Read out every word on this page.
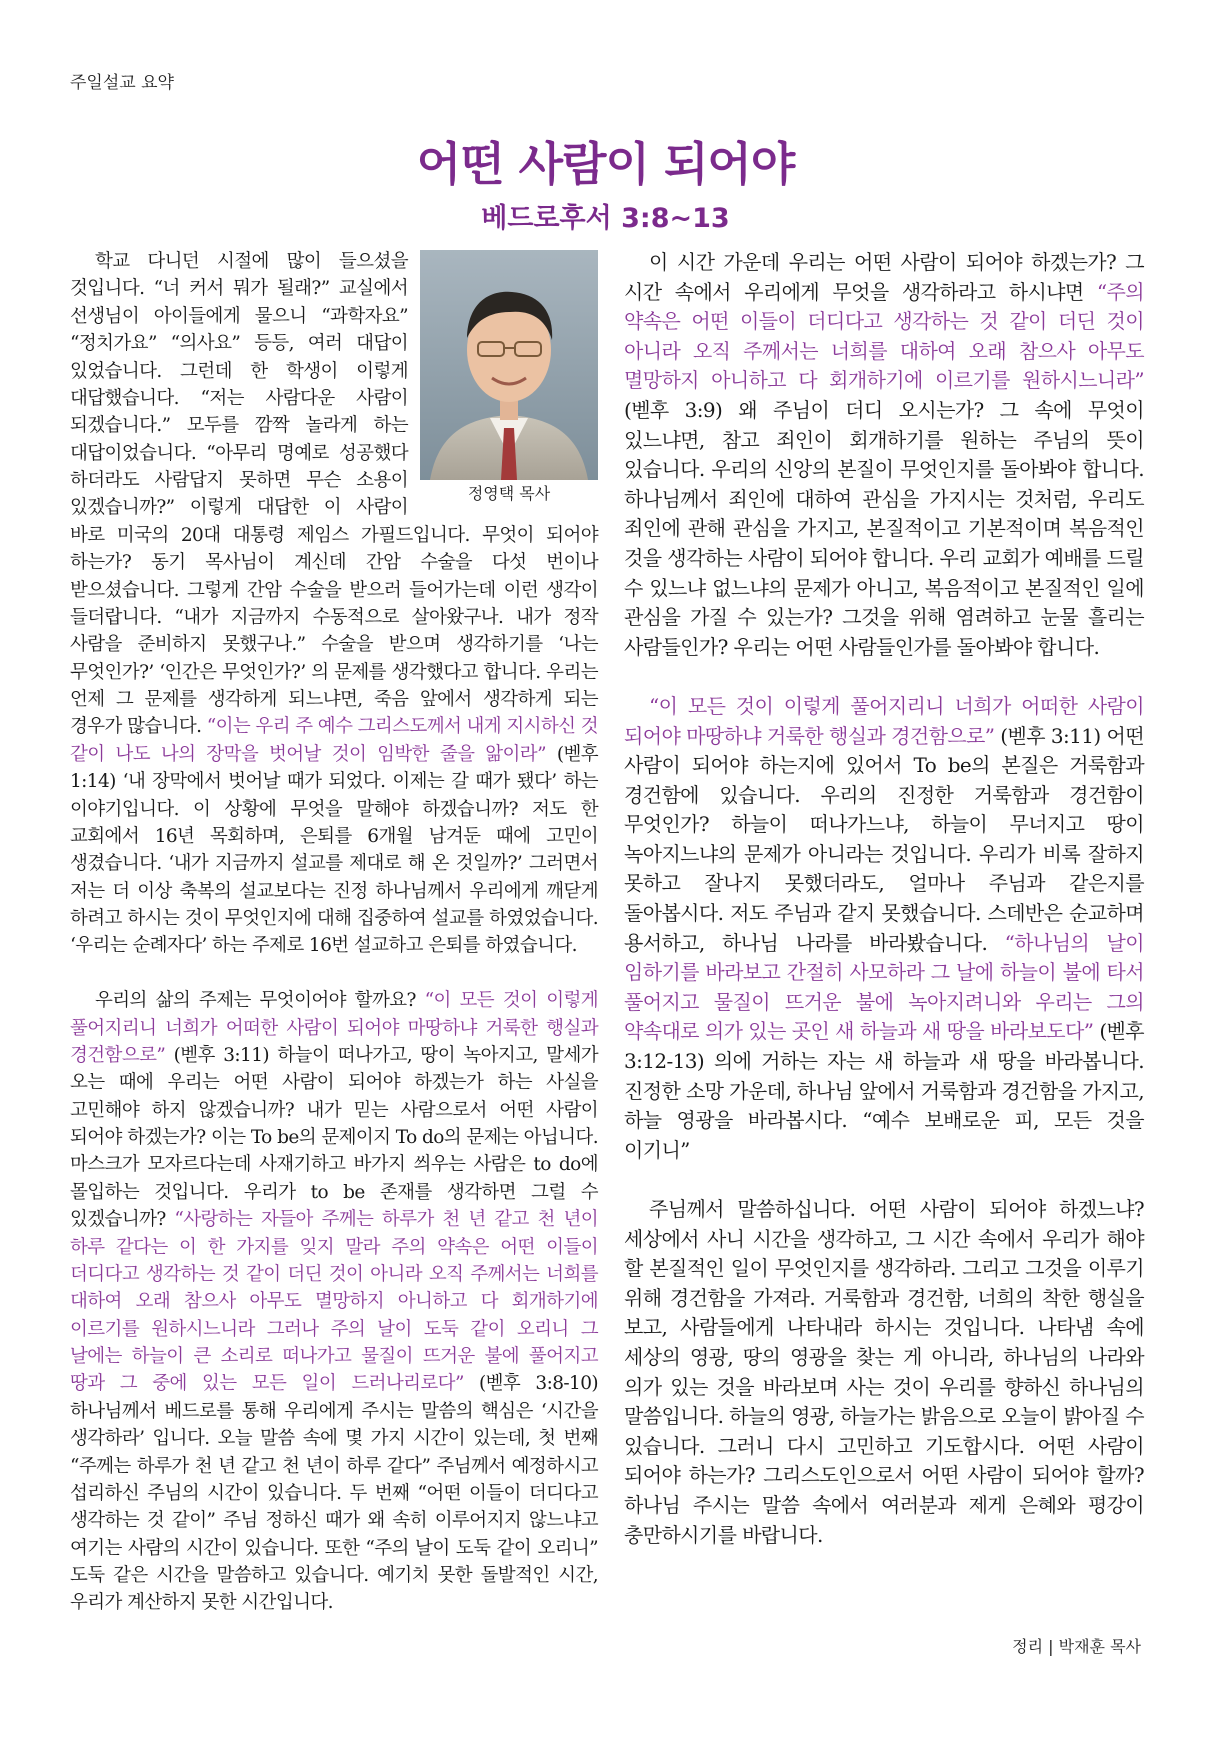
주일설교 요약
어떤 사람이 되어야
베드로후서 3:8~13
정영택 목사

학교 다니던 시절에 많이 들으셨을 것입니다. “너 커서 뭐가 될래?” 교실에서 선생님이 아이들에게 물으니 “과학자요” “정치가요” “의사요” 등등, 여러 대답이 있었습니다. 그런데 한 학생이 이렇게 대답했습니다. “저는 사람다운 사람이 되겠습니다.” 모두를 깜짝 놀라게 하는 대답이었습니다. “아무리 명예로 성공했다 하더라도 사람답지 못하면 무슨 소용이 있겠습니까?” 이렇게 대답한 이 사람이 바로 미국의 20대 대통령 제임스 가필드입니다. 무엇이 되어야 하는가? 동기 목사님이 계신데 간암 수술을 다섯 번이나 받으셨습니다. 그렇게 간암 수술을 받으러 들어가는데 이런 생각이 들더랍니다. “내가 지금까지 수동적으로 살아왔구나. 내가 정작 사람을 준비하지 못했구나.” 수술을 받으며 생각하기를 ‘나는 무엇인가?’ ‘인간은 무엇인가?’ 의 문제를 생각했다고 합니다. 우리는 언제 그 문제를 생각하게 되느냐면, 죽음 앞에서 생각하게 되는 경우가 많습니다. “이는 우리 주 예수 그리스도께서 내게 지시하신 것 같이 나도 나의 장막을 벗어날 것이 임박한 줄을 앎이라” (벧후 1:14) ‘내 장막에서 벗어날 때가 되었다. 이제는 갈 때가 됐다’ 하는 이야기입니다. 이 상황에 무엇을 말해야 하겠습니까? 저도 한 교회에서 16년 목회하며, 은퇴를 6개월 남겨둔 때에 고민이 생겼습니다. ‘내가 지금까지 설교를 제대로 해 온 것일까?’ 그러면서 저는 더 이상 축복의 설교보다는 진정 하나님께서 우리에게 깨닫게 하려고 하시는 것이 무엇인지에 대해 집중하여 설교를 하였었습니다. ‘우리는 순례자다’ 하는 주제로 16번 설교하고 은퇴를 하였습니다.

우리의 삶의 주제는 무엇이어야 할까요? “이 모든 것이 이렇게 풀어지리니 너희가 어떠한 사람이 되어야 마땅하냐 거룩한 행실과 경건함으로” (벧후 3:11) 하늘이 떠나가고, 땅이 녹아지고, 말세가 오는 때에 우리는 어떤 사람이 되어야 하겠는가 하는 사실을 고민해야 하지 않겠습니까? 내가 믿는 사람으로서 어떤 사람이 되어야 하겠는가? 이는 To be의 문제이지 To do의 문제는 아닙니다. 마스크가 모자르다는데 사재기하고 바가지 씌우는 사람은 to do에 몰입하는 것입니다. 우리가 to be 존재를 생각하면 그럴 수 있겠습니까? “사랑하는 자들아 주께는 하루가 천 년 같고 천 년이 하루 같다는 이 한 가지를 잊지 말라 주의 약속은 어떤 이들이 더디다고 생각하는 것 같이 더딘 것이 아니라 오직 주께서는 너희를 대하여 오래 참으사 아무도 멸망하지 아니하고 다 회개하기에 이르기를 원하시느니라 그러나 주의 날이 도둑 같이 오리니 그 날에는 하늘이 큰 소리로 떠나가고 물질이 뜨거운 불에 풀어지고 땅과 그 중에 있는 모든 일이 드러나리로다” (벧후 3:8-10) 하나님께서 베드로를 통해 우리에게 주시는 말씀의 핵심은 ‘시간을 생각하라’ 입니다. 오늘 말씀 속에 몇 가지 시간이 있는데, 첫 번째 “주께는 하루가 천 년 같고 천 년이 하루 같다” 주님께서 예정하시고 섭리하신 주님의 시간이 있습니다. 두 번째 “어떤 이들이 더디다고 생각하는 것 같이” 주님 정하신 때가 왜 속히 이루어지지 않느냐고 여기는 사람의 시간이 있습니다. 또한 “주의 날이 도둑 같이 오리니” 도둑 같은 시간을 말씀하고 있습니다. 예기치 못한 돌발적인 시간, 우리가 계산하지 못한 시간입니다.

이 시간 가운데 우리는 어떤 사람이 되어야 하겠는가? 그 시간 속에서 우리에게 무엇을 생각하라고 하시냐면 “주의 약속은 어떤 이들이 더디다고 생각하는 것 같이 더딘 것이 아니라 오직 주께서는 너희를 대하여 오래 참으사 아무도 멸망하지 아니하고 다 회개하기에 이르기를 원하시느니라” (벧후 3:9) 왜 주님이 더디 오시는가? 그 속에 무엇이 있느냐면, 참고 죄인이 회개하기를 원하는 주님의 뜻이 있습니다. 우리의 신앙의 본질이 무엇인지를 돌아봐야 합니다. 하나님께서 죄인에 대하여 관심을 가지시는 것처럼, 우리도 죄인에 관해 관심을 가지고, 본질적이고 기본적이며 복음적인 것을 생각하는 사람이 되어야 합니다. 우리 교회가 예배를 드릴 수 있느냐 없느냐의 문제가 아니고, 복음적이고 본질적인 일에 관심을 가질 수 있는가? 그것을 위해 염려하고 눈물 흘리는 사람들인가? 우리는 어떤 사람들인가를 돌아봐야 합니다.

“이 모든 것이 이렇게 풀어지리니 너희가 어떠한 사람이 되어야 마땅하냐 거룩한 행실과 경건함으로” (벧후 3:11) 어떤 사람이 되어야 하는지에 있어서 To be의 본질은 거룩함과 경건함에 있습니다. 우리의 진정한 거룩함과 경건함이 무엇인가? 하늘이 떠나가느냐, 하늘이 무너지고 땅이 녹아지느냐의 문제가 아니라는 것입니다. 우리가 비록 잘하지 못하고 잘나지 못했더라도, 얼마나 주님과 같은지를 돌아봅시다. 저도 주님과 같지 못했습니다. 스데반은 순교하며 용서하고, 하나님 나라를 바라봤습니다. “하나님의 날이 임하기를 바라보고 간절히 사모하라 그 날에 하늘이 불에 타서 풀어지고 물질이 뜨거운 불에 녹아지려니와 우리는 그의 약속대로 의가 있는 곳인 새 하늘과 새 땅을 바라보도다” (벧후 3:12-13) 의에 거하는 자는 새 하늘과 새 땅을 바라봅니다. 진정한 소망 가운데, 하나님 앞에서 거룩함과 경건함을 가지고, 하늘 영광을 바라봅시다. “예수 보배로운 피, 모든 것을 이기니”

주님께서 말씀하십니다. 어떤 사람이 되어야 하겠느냐? 세상에서 사니 시간을 생각하고, 그 시간 속에서 우리가 해야 할 본질적인 일이 무엇인지를 생각하라. 그리고 그것을 이루기 위해 경건함을 가져라. 거룩함과 경건함, 너희의 착한 행실을 보고, 사람들에게 나타내라 하시는 것입니다. 나타냄 속에 세상의 영광, 땅의 영광을 찾는 게 아니라, 하나님의 나라와 의가 있는 것을 바라보며 사는 것이 우리를 향하신 하나님의 말씀입니다. 하늘의 영광, 하늘가는 밝음으로 오늘이 밝아질 수 있습니다. 그러니 다시 고민하고 기도합시다. 어떤 사람이 되어야 하는가? 그리스도인으로서 어떤 사람이 되어야 할까? 하나님 주시는 말씀 속에서 여러분과 제게 은혜와 평강이 충만하시기를 바랍니다.

정리 | 박재훈 목사
